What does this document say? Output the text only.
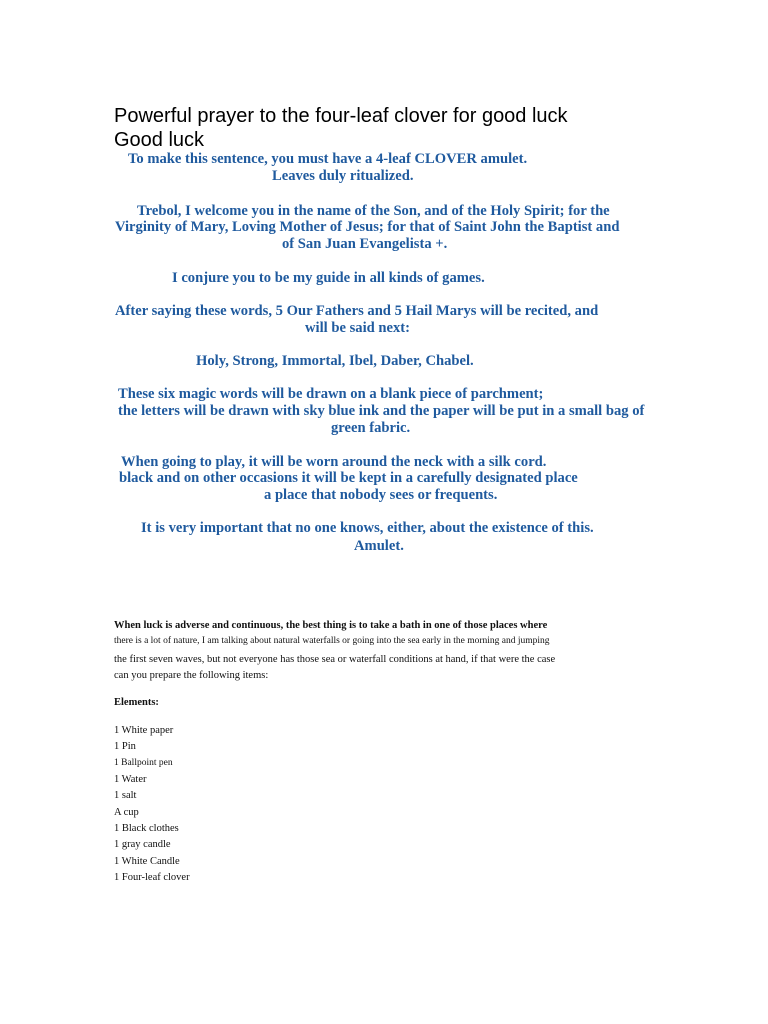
Powerful prayer to the four-leaf clover for good luck

Good luck

To make this sentence, you must have a 4-leaf CLOVER amulet.

Leaves duly ritualized.

Trebol, I welcome you in the name of the Son, and of the Holy Spirit; for the

Virginity of Mary, Loving Mother of Jesus; for that of Saint John the Baptist and

of San Juan Evangelista +.

I conjure you to be my guide in all kinds of games.

After saying these words, 5 Our Fathers and 5 Hail Marys will be recited, and

will be said next:

Holy, Strong, Immortal, Ibel, Daber, Chabel.

These six magic words will be drawn on a blank piece of parchment;

the letters will be drawn with sky blue ink and the paper will be put in a small bag of

green fabric.

When going to play, it will be worn around the neck with a silk cord.

black and on other occasions it will be kept in a carefully designated place

a place that nobody sees or frequents.

It is very important that no one knows, either, about the existence of this.

Amulet.

When luck is adverse and continuous, the best thing is to take a bath in one of those places where

there is a lot of nature, I am talking about natural waterfalls or going into the sea early in the morning and jumping

the first seven waves, but not everyone has those sea or waterfall conditions at hand, if that were the case

can you prepare the following items:

Elements:

1 White paper

1 Pin

1 Ballpoint pen

1 Water

1 salt

A cup

1 Black clothes

1 gray candle

1 White Candle

1 Four-leaf clover
